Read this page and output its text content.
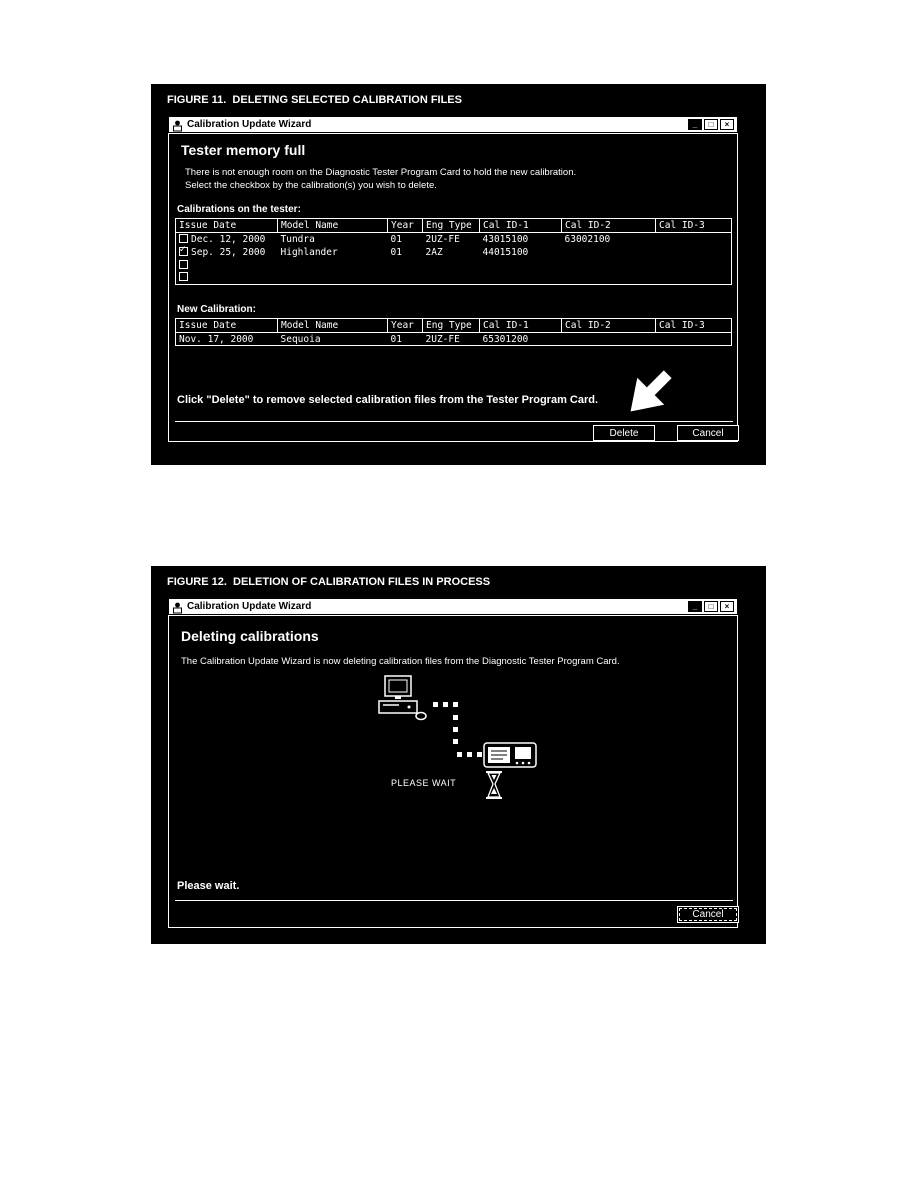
FIGURE 11.  DELETING SELECTED CALIBRATION FILES
Calibration Update Wizard	_	□	×
Tester memory full
There is not enough room on the Diagnostic Tester Program Card to hold the new calibration.
Select the checkbox by the calibration(s) you wish to delete.
Calibrations on the tester:
Issue Date	Model Name	Year	Eng Type	Cal ID-1	Cal ID-2	Cal ID-3
Dec. 12, 2000	Tundra	01	2UZ-FE	43015100	63002100	
✓Sep. 25, 2000	Highlander	01	2AZ	44015100		

New Calibration:
Issue Date	Model Name	Year	Eng Type	Cal ID-1	Cal ID-2	Cal ID-3
Nov. 17, 2000	Sequoia	01	2UZ-FE	65301200		
Click "Delete" to remove selected calibration files from the Tester Program Card.
Delete	Cancel
FIGURE 12.  DELETION OF CALIBRATION FILES IN PROCESS
Calibration Update Wizard	_	□	×
Deleting calibrations
The Calibration Update Wizard is now deleting calibration files from the Diagnostic Tester Program Card.
PLEASE WAIT
Please wait.
Cancel
